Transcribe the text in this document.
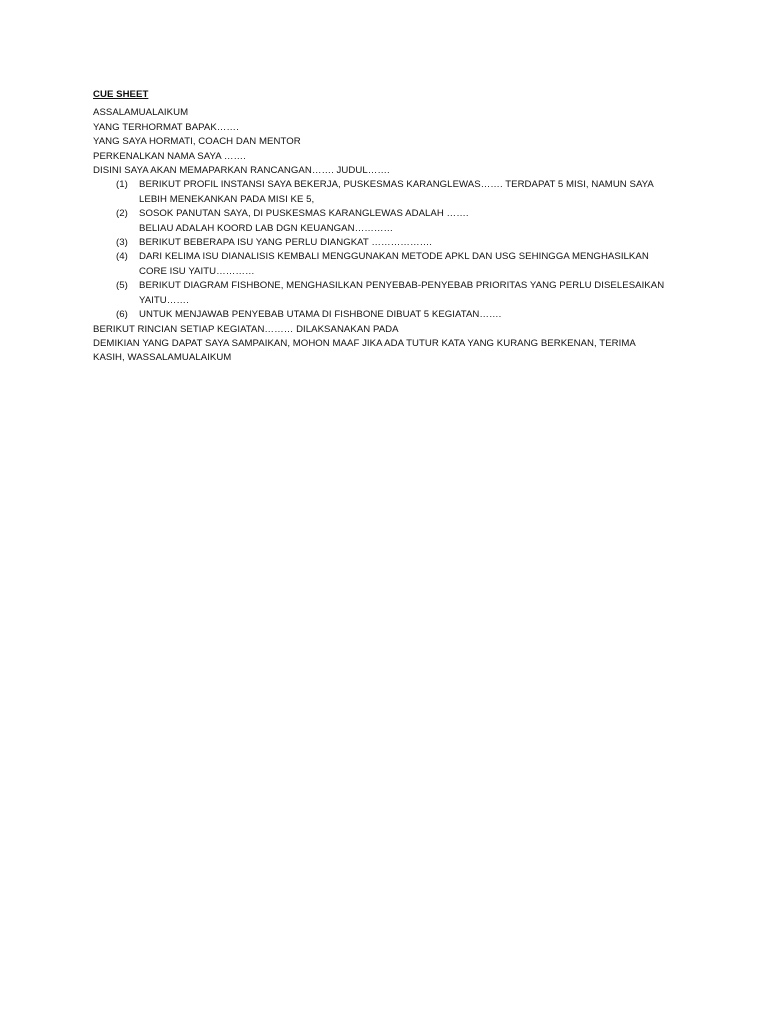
CUE SHEET
ASSALAMUALAIKUM
YANG TERHORMAT BAPAK…….
YANG SAYA HORMATI, COACH DAN MENTOR
PERKENALKAN NAMA SAYA …….
DISINI SAYA AKAN MEMAPARKAN RANCANGAN……. JUDUL…….
(1) BERIKUT PROFIL INSTANSI SAYA BEKERJA, PUSKESMAS KARANGLEWAS……. TERDAPAT 5 MISI, NAMUN SAYA
LEBIH MENEKANKAN PADA MISI KE 5,
(2) SOSOK PANUTAN SAYA, DI PUSKESMAS KARANGLEWAS ADALAH …….
BELIAU ADALAH KOORD LAB DGN KEUANGAN…………
(3) BERIKUT BEBERAPA ISU YANG PERLU DIANGKAT ……………….
(4) DARI KELIMA ISU DIANALISIS KEMBALI MENGGUNAKAN METODE APKL DAN USG SEHINGGA MENGHASILKAN
CORE ISU YAITU…………
(5) BERIKUT DIAGRAM FISHBONE, MENGHASILKAN PENYEBAB-PENYEBAB PRIORITAS YANG PERLU DISELESAIKAN
YAITU…….
(6) UNTUK MENJAWAB PENYEBAB UTAMA DI FISHBONE DIBUAT 5 KEGIATAN…….
BERIKUT RINCIAN SETIAP KEGIATAN……… DILAKSANAKAN PADA
DEMIKIAN YANG DAPAT SAYA SAMPAIKAN, MOHON MAAF JIKA ADA TUTUR KATA YANG KURANG BERKENAN, TERIMA
KASIH, WASSALAMUALAIKUM
